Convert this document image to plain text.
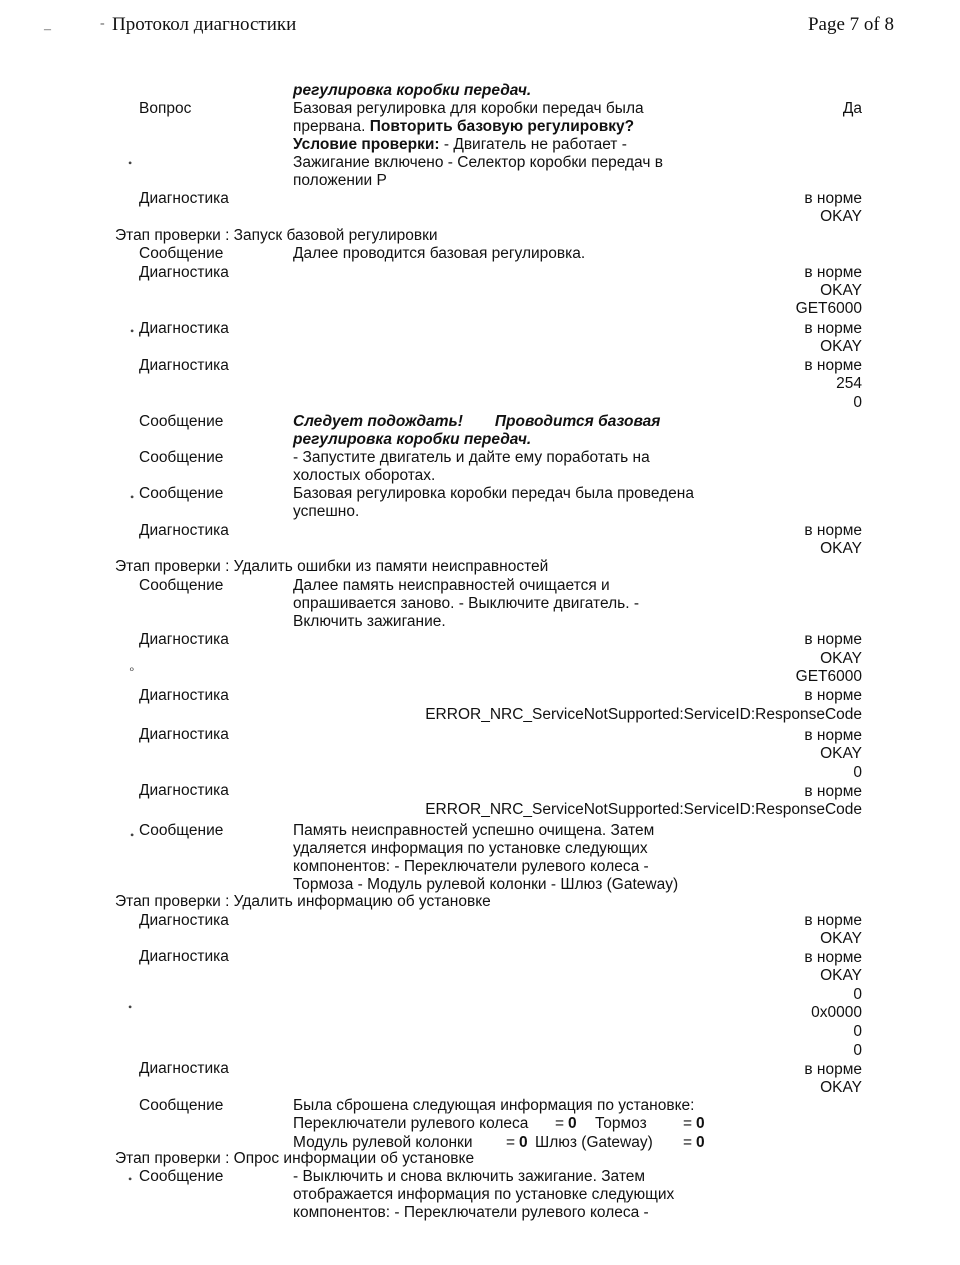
–	- Протокол диагностики	Page 7 of 8
регулировка коробки передач.
Вопрос	Базовая регулировка для коробки передач была
прервана. Повторить базовую регулировку?
Условие проверки: - Двигатель не работает -
Зажигание включено - Селектор коробки передач в
положении P
Да
•
Диагностика	в норме
OKAY
Этап проверки : Запуск базовой регулировки
Сообщение	Далее проводится базовая регулировка.
Диагностика	в норме
OKAY
GET6000
• Диагностика	в норме
OKAY
Диагностика	в норме
254
0
Сообщение	Следует подождать! Проводится базовая
регулировка коробки передач.
Сообщение	- Запустите двигатель и дайте ему поработать на
холостых оборотах.
• Сообщение	Базовая регулировка коробки передач была проведена
успешно.
Диагностика	в норме
OKAY
Этап проверки : Удалить ошибки из памяти неисправностей
Сообщение	Далее память неисправностей очищается и
опрашивается заново. - Выключите двигатель. -
Включить зажигание.
Диагностика	в норме
OKAY
GET6000
∘
Диагностика	в норме
ERROR_NRC_ServiceNotSupported:ServiceID:ResponseCode
Диагностика	в норме
OKAY
0
Диагностика	в норме
ERROR_NRC_ServiceNotSupported:ServiceID:ResponseCode
• Сообщение	Память неисправностей успешно очищена. Затем
удаляется информация по установке следующих
компонентов: - Переключатели рулевого колеса -
Тормоза - Модуль рулевой колонки - Шлюз (Gateway)
Этап проверки : Удалить информацию об установке
Диагностика	в норме
OKAY
Диагностика	в норме
OKAY
0
0x0000
0
0
•
Диагностика	в норме
OKAY
Сообщение	Была сброшена следующая информация по установке:
Переключатели рулевого колеса = 0 Тормоз = 0
Модуль рулевой колонки = 0 Шлюз (Gateway) = 0
Этап проверки : Опрос информации об установке
• Сообщение	- Выключить и снова включить зажигание. Затем
отображается информация по установке следующих
компонентов: - Переключатели рулевого колеса -
